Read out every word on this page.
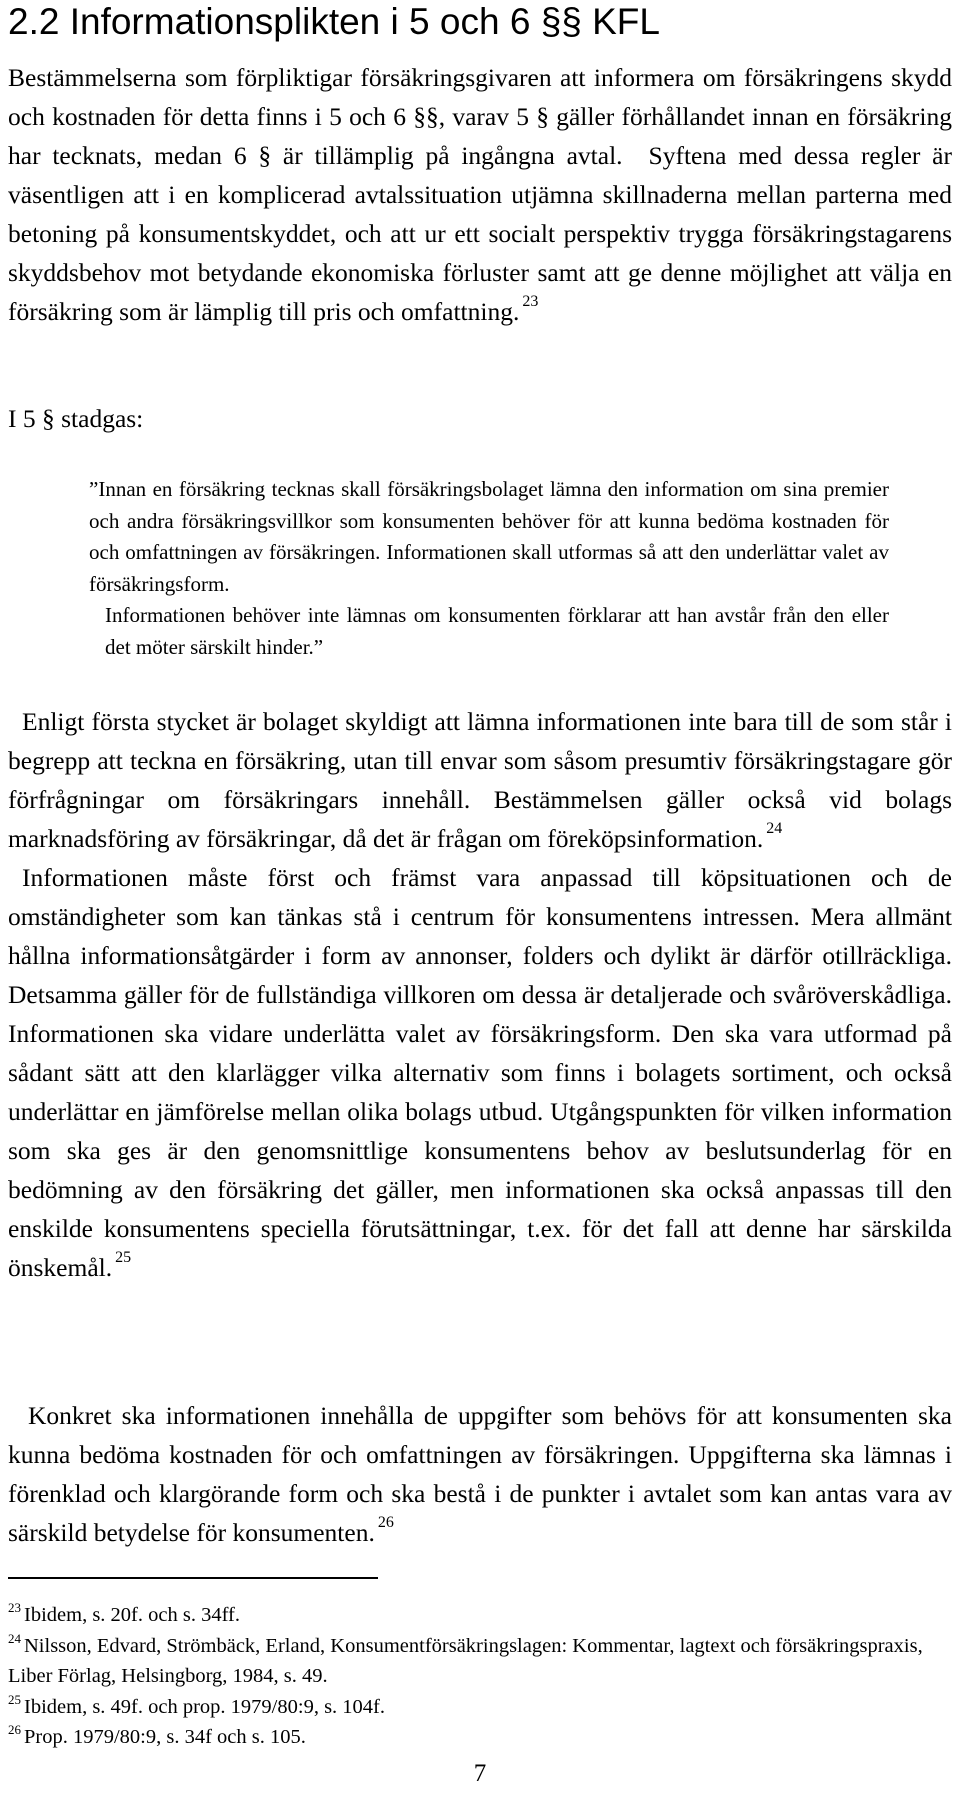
2.2 Informationsplikten i 5 och 6 §§ KFL

Bestämmelserna som förpliktigar försäkringsgivaren att informera om försäkringens skydd och kostnaden för detta finns i 5 och 6 §§, varav 5 § gäller förhållandet innan en försäkring har tecknats, medan 6 § är tillämplig på ingångna avtal. Syftena med dessa regler är väsentligen att i en komplicerad avtalssituation utjämna skillnaderna mellan parterna med betoning på konsumentskyddet, och att ur ett socialt perspektiv trygga försäkringstagarens skyddsbehov mot betydande ekonomiska förluster samt att ge denne möjlighet att välja en försäkring som är lämplig till pris och omfattning. $^{23}$

I 5 § stadgas:

”Innan en försäkring tecknas skall försäkringsbolaget lämna den information om sina premier och andra försäkringsvillkor som konsumenten behöver för att kunna bedöma kostnaden för och omfattningen av försäkringen. Informationen skall utformas så att den underlättar valet av försäkringsform.
Informationen behöver inte lämnas om konsumenten förklarar att han avstår från den eller det möter särskilt hinder.”

Enligt första stycket är bolaget skyldigt att lämna informationen inte bara till de som står i begrepp att teckna en försäkring, utan till envar som såsom presumtiv försäkringstagare gör förfrågningar om försäkringars innehåll. Bestämmelsen gäller också vid bolags marknadsföring av försäkringar, då det är frågan om föreköpsinformation. $^{24}$
Informationen måste först och främst vara anpassad till köpsituationen och de omständigheter som kan tänkas stå i centrum för konsumentens intressen. Mera allmänt hållna informationsåtgärder i form av annonser, folders och dylikt är därför otillräckliga. Detsamma gäller för de fullständiga villkoren om dessa är detaljerade och svåröverskådliga. Informationen ska vidare underlätta valet av försäkringsform. Den ska vara utformad på sådant sätt att den klarlägger vilka alternativ som finns i bolagets sortiment, och också underlättar en jämförelse mellan olika bolags utbud. Utgångspunkten för vilken information som ska ges är den genomsnittlige konsumentens behov av beslutsunderlag för en bedömning av den försäkring det gäller, men informationen ska också anpassas till den enskilde konsumentens speciella förutsättningar, t.ex. för det fall att denne har särskilda önskemål. $^{25}$

Konkret ska informationen innehålla de uppgifter som behövs för att konsumenten ska kunna bedöma kostnaden för och omfattningen av försäkringen. Uppgifterna ska lämnas i förenklad och klargörande form och ska bestå i de punkter i avtalet som kan antas vara av särskild betydelse för konsumenten. $^{26}$

$^{23}$ Ibidem, s. 20f. och s. 34ff.
$^{24}$ Nilsson, Edvard, Strömbäck, Erland, Konsumentförsäkringslagen: Kommentar, lagtext och försäkringspraxis, Liber Förlag, Helsingborg, 1984, s. 49.
$^{25}$ Ibidem, s. 49f. och prop. 1979/80:9, s. 104f.
$^{26}$ Prop. 1979/80:9, s. 34f och s. 105.

7
